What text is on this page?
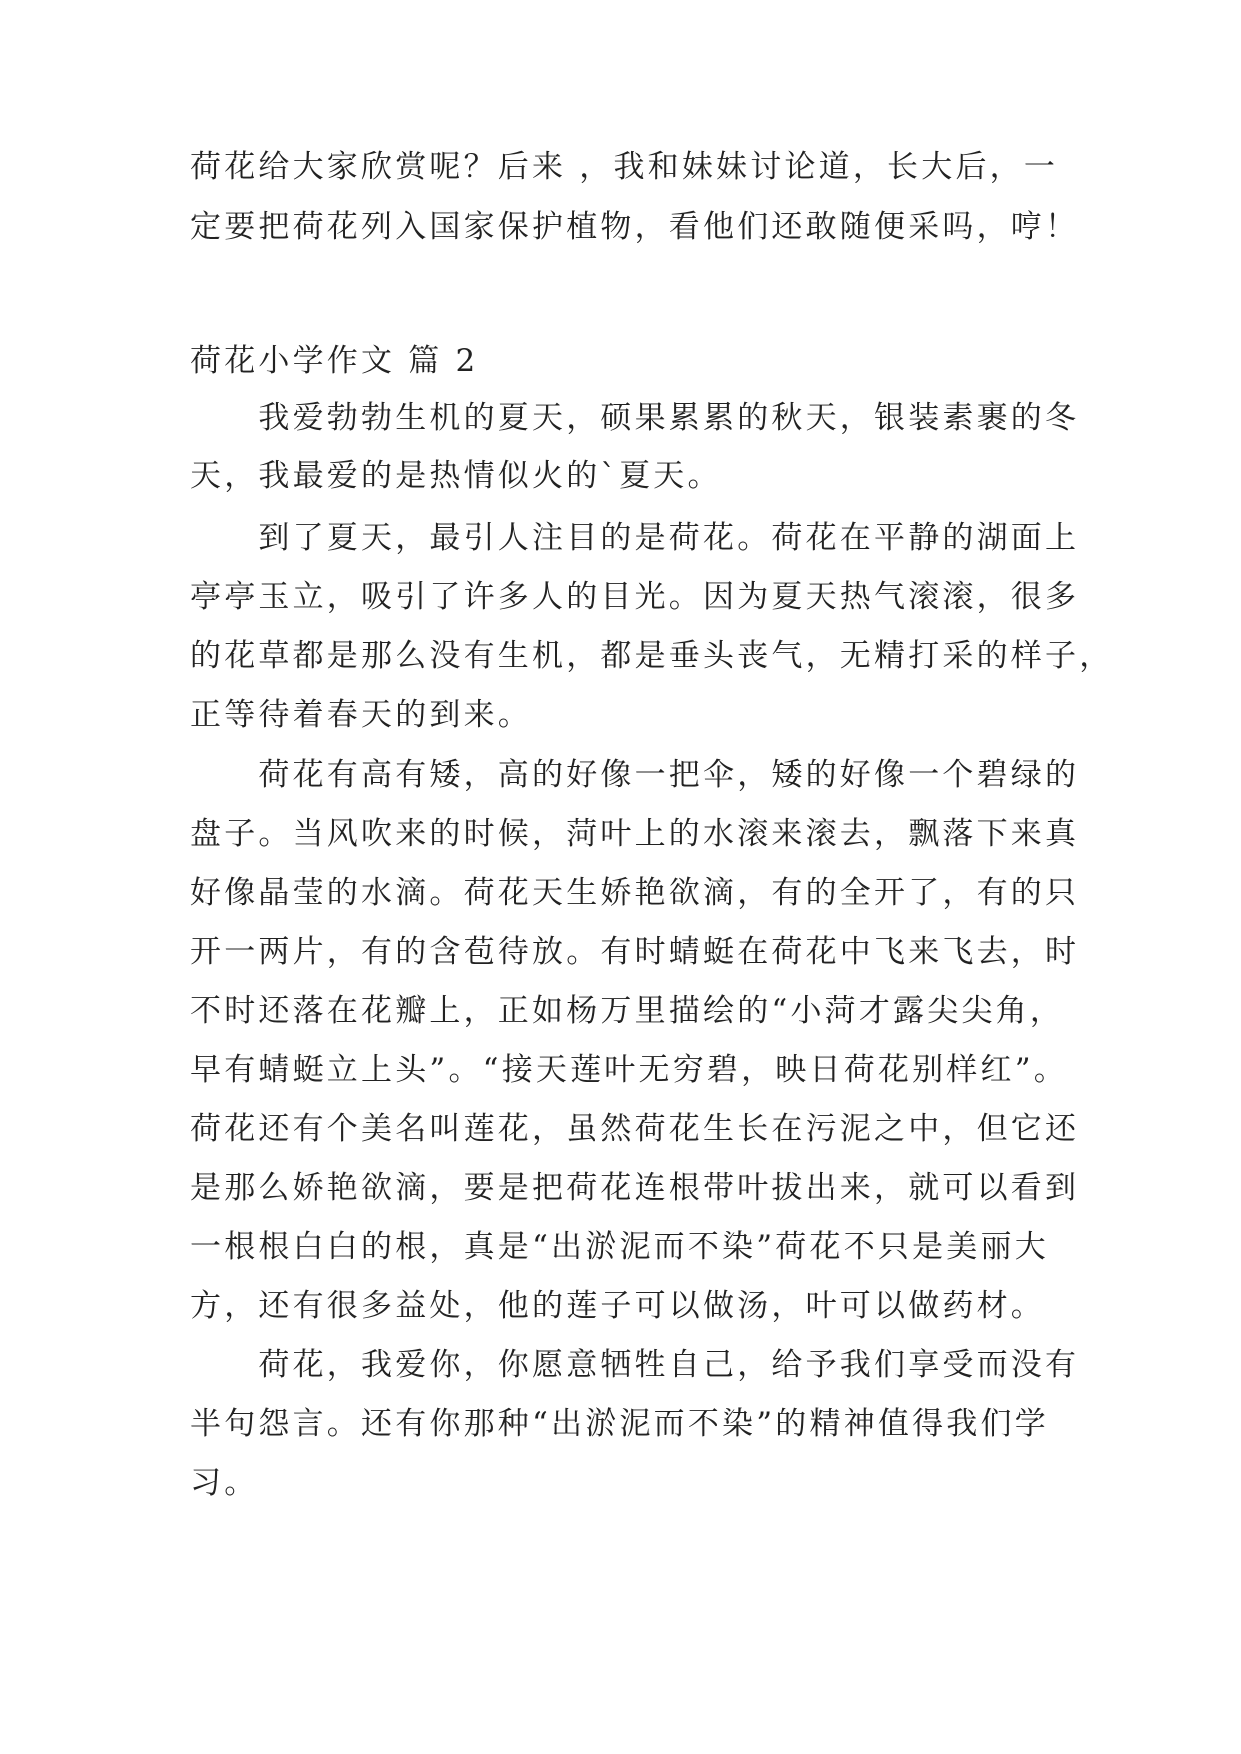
荷花给大家欣赏呢？后来 ，我和妹妹讨论道，长大后，一
定要把荷花列入国家保护植物，看他们还敢随便采吗，哼！
荷花小学作文 篇 2
　　我爱勃勃生机的夏天，硕果累累的秋天，银装素裹的冬
天，我最爱的是热情似火的`夏天。
　　到了夏天，最引人注目的是荷花。荷花在平静的湖面上
亭亭玉立，吸引了许多人的目光。因为夏天热气滚滚，很多
的花草都是那么没有生机，都是垂头丧气，无精打采的样子，
正等待着春天的到来。
　　荷花有高有矮，高的好像一把伞，矮的好像一个碧绿的
盘子。当风吹来的时候，菏叶上的水滚来滚去，飘落下来真
好像晶莹的水滴。荷花天生娇艳欲滴，有的全开了，有的只
开一两片，有的含苞待放。有时蜻蜓在荷花中飞来飞去，时
不时还落在花瓣上，正如杨万里描绘的“小菏才露尖尖角，
早有蜻蜓立上头”。“接天莲叶无穷碧，映日荷花别样红”。
荷花还有个美名叫莲花，虽然荷花生长在污泥之中，但它还
是那么娇艳欲滴，要是把荷花连根带叶拔出来，就可以看到
一根根白白的根，真是“出淤泥而不染”荷花不只是美丽大
方，还有很多益处，他的莲子可以做汤，叶可以做药材。
　　荷花，我爱你，你愿意牺牲自己，给予我们享受而没有
半句怨言。还有你那种“出淤泥而不染”的精神值得我们学
习。
